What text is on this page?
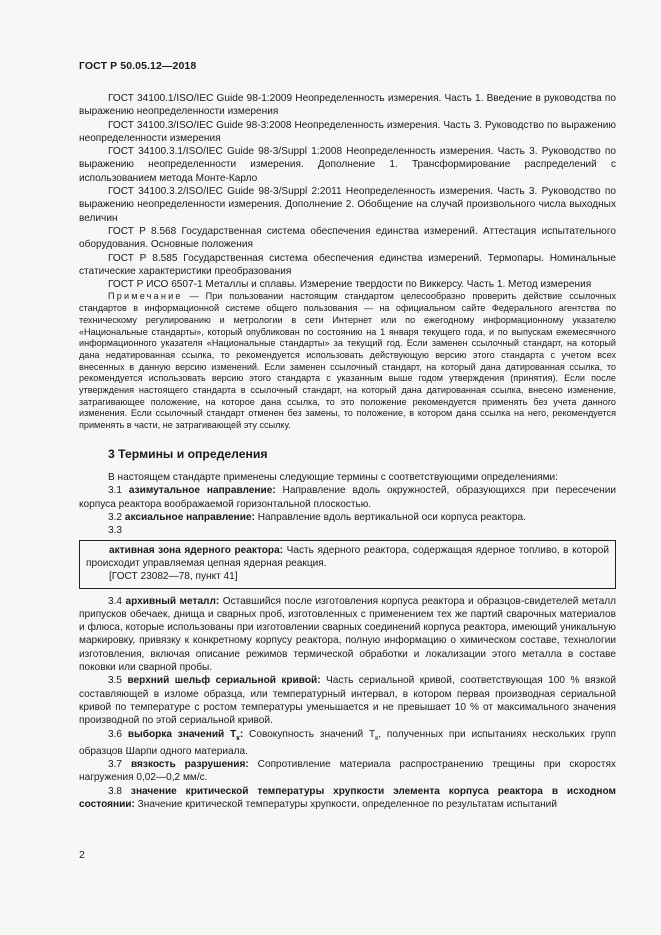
ГОСТ Р 50.05.12—2018

ГОСТ 34100.1/ISO/IEC Guide 98-1:2009 Неопределенность измерения. Часть 1. Введение в руководства по выражению неопределенности измерения

ГОСТ 34100.3/ISO/IEC Guide 98-3:2008 Неопределенность измерения. Часть 3. Руководство по выражению неопределенности измерения

ГОСТ 34100.3.1/ISO/IEC Guide 98-3/Suppl 1:2008 Неопределенность измерения. Часть 3. Руководство по выражению неопределенности измерения. Дополнение 1. Трансформирование распределений с использованием метода Монте-Карло

ГОСТ 34100.3.2/ISO/IEC Guide 98-3/Suppl 2:2011 Неопределенность измерения. Часть 3. Руководство по выражению неопределенности измерения. Дополнение 2. Обобщение на случай произвольного числа выходных величин

ГОСТ Р 8.568 Государственная система обеспечения единства измерений. Аттестация испытательного оборудования. Основные положения

ГОСТ Р 8.585 Государственная система обеспечения единства измерений. Термопары. Номинальные статические характеристики преобразования

ГОСТ Р ИСО 6507-1 Металлы и сплавы. Измерение твердости по Виккерсу. Часть 1. Метод измерения

Примечание — При пользовании настоящим стандартом целесообразно проверить действие ссылочных стандартов в информационной системе общего пользования — на официальном сайте Федерального агентства по техническому регулированию и метрологии в сети Интернет или по ежегодному информационному указателю «Национальные стандарты», который опубликован по состоянию на 1 января текущего года, и по выпускам ежемесячного информационного указателя «Национальные стандарты» за текущий год. Если заменен ссылочный стандарт, на который дана недатированная ссылка, то рекомендуется использовать действующую версию этого стандарта с учетом всех внесенных в данную версию изменений. Если заменен ссылочный стандарт, на который дана датированная ссылка, то рекомендуется использовать версию этого стандарта с указанным выше годом утверждения (принятия). Если после утверждения настоящего стандарта в ссылочный стандарт, на который дана датированная ссылка, внесено изменение, затрагивающее положение, на которое дана ссылка, то это положение рекомендуется применять без учета данного изменения. Если ссылочный стандарт отменен без замены, то положение, в котором дана ссылка на него, рекомендуется применять в части, не затрагивающей эту ссылку.

3 Термины и определения

В настоящем стандарте применены следующие термины с соответствующими определениями:

3.1 азимутальное направление: Направление вдоль окружностей, образующихся при пересечении корпуса реактора воображаемой горизонтальной плоскостью.

3.2 аксиальное направление: Направление вдоль вертикальной оси корпуса реактора.

3.3

активная зона ядерного реактора: Часть ядерного реактора, содержащая ядерное топливо, в которой происходит управляемая цепная ядерная реакция.

[ГОСТ 23082—78, пункт 41]

3.4 архивный металл: Оставшийся после изготовления корпуса реактора и образцов-свидетелей металл припусков обечаек, днища и сварных проб, изготовленных с применением тех же партий сварочных материалов и флюса, которые использованы при изготовлении сварных соединений корпуса реактора, имеющий уникальную маркировку, привязку к конкретному корпусу реактора, полную информацию о химическом составе, технологии изготовления, включая описание режимов термической обработки и локализации этого металла в составе поковки или сварной пробы.

3.5 верхний шельф сериальной кривой: Часть сериальной кривой, соответствующая 100 % вязкой составляющей в изломе образца, или температурный интервал, в котором первая производная сериальной кривой по температуре с ростом температуры уменьшается и не превышает 10 % от максимального значения производной по этой сериальной кривой.

3.6 выборка значений $T_к$: Совокупность значений $T_к$, полученных при испытаниях нескольких групп образцов Шарпи одного материала.

3.7 вязкость разрушения: Сопротивление материала распространению трещины при скоростях нагружения 0,02—0,2 мм/с.

3.8 значение критической температуры хрупкости элемента корпуса реактора в исходном состоянии: Значение критической температуры хрупкости, определенное по результатам испытаний

2
